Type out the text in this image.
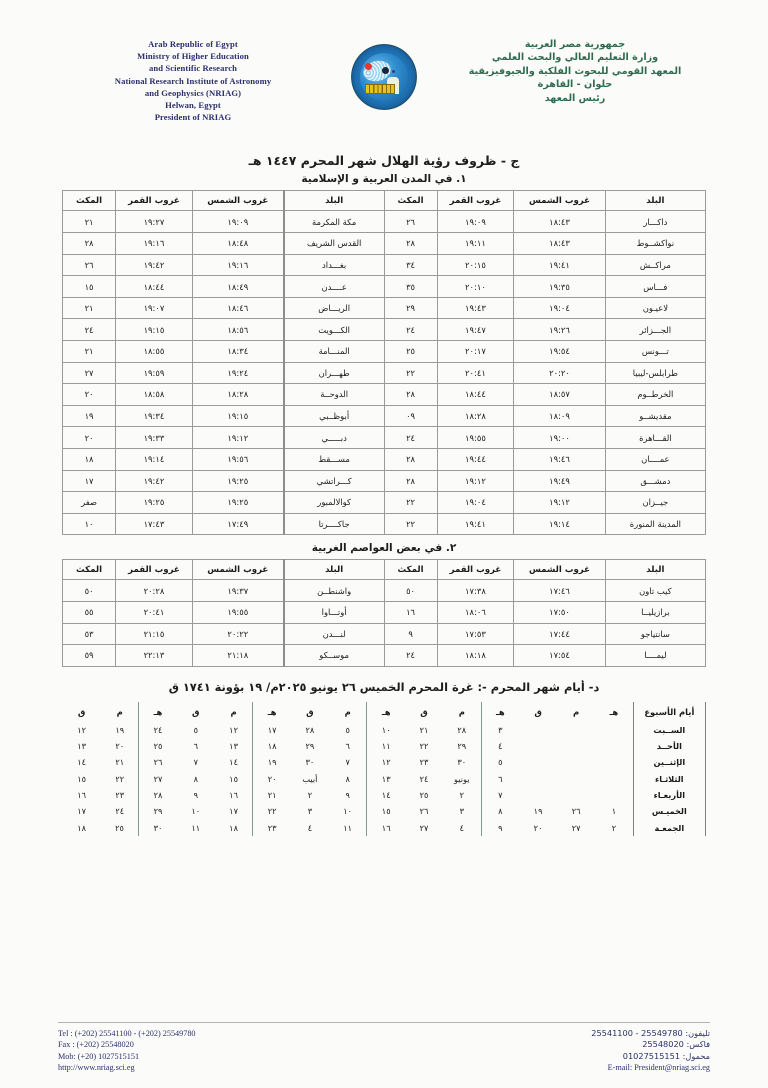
Arab Republic of Egypt
Ministry of Higher Education
and Scientific Research
National Research Institute of Astronomy
and Geophysics (NRIAG)
Helwan, Egypt
President of NRIAG
جمهورية مصر العربية
وزارة التعليم العالي والبحث العلمي
المعهد القومي للبحوث الفلكية والجيوفيزيقية
حلوان - القاهرة
رئيس المعهد
ج - ظروف رؤية الهلال شهر المحرم ١٤٤٧ هـ
١. في المدن العربية و الإسلامية
البلد	غروب الشمس	غروب القمر	المكث	البلد	غروب الشمس	غروب القمر	المكث
داكـــار	١٨:٤٣	١٩:٠٩	٢٦	مكة المكرمة	١٩:٠٩	١٩:٢٧	٢١
نواكشــوط	١٨:٤٣	١٩:١١	٢٨	القدس الشريف	١٨:٤٨	١٩:١٦	٢٨
مراكــش	١٩:٤١	٢٠:١٥	٣٤	بغـــداد	١٩:١٦	١٩:٤٢	٢٦
فـــاس	١٩:٣٥	٢٠:١٠	٣٥	عــــدن	١٨:٤٩	١٨:٤٤	١٥
لاعيـون	١٩:٠٤	١٩:٤٣	٢٩	الريـــاض	١٨:٤٦	١٩:٠٧	٢١
الجـــزائر	١٩:٢٦	١٩:٤٧	٢٤	الكـــويت	١٨:٥٦	١٩:١٥	٢٤
تـــونس	١٩:٥٤	٢٠:١٧	٢٥	المنـــامة	١٨:٣٤	١٨:٥٥	٢١
طرابلس-ليبيا	٢٠:٢٠	٢٠:٤١	٢٢	طهـــران	١٩:٢٤	١٩:٥٩	٢٧
الخرطــوم	١٨:٥٧	١٨:٤٤	٢٨	الدوحــة	١٨:٢٨	١٨:٥٨	٢٠
مقديشــو	١٨:٠٩	١٨:٢٨	٠٩	أبوظــبي	١٩:١٥	١٩:٣٤	١٩
القـــاهرة	١٩:٠٠	١٩:٥٥	٢٤	دبـــــي	١٩:١٢	١٩:٣٣	٢٠
عمــــان	١٩:٤٦	١٩:٤٤	٢٨	مســـقط	١٩:٥٦	١٩:١٤	١٨
دمشـــق	١٩:٤٩	١٩:١٢	٢٨	كـــراتشي	١٩:٢٥	١٩:٤٢	١٧
جيــزان	١٩:١٢	١٩:٠٤	٢٢	كوالالمبور	١٩:٢٥	١٩:٢٥	صفر
المدينة المنورة	١٩:١٤	١٩:٤١	٢٢	جاكــــرتا	١٧:٤٩	١٧:٤٣	١٠
٢. في بعض العواصم الغربية
البلد	غروب الشمس	غروب القمر	المكث	البلد	غروب الشمس	غروب القمر	المكث
كيب تاون	١٧:٤٦	١٧:٣٨	٥٠	واشنطــن	١٩:٣٧	٢٠:٢٨	٥٠
برازيليــا	١٧:٥٠	١٨:٠٦	١٦	أوتـــاوا	١٩:٥٥	٢٠:٤١	٥٥
سانتياجو	١٧:٤٤	١٧:٥٣	٩	لنـــدن	٢٠:٢٢	٢١:١٥	٥٣
ليمــــا	١٧:٥٤	١٨:١٨	٢٤	موســكو	٢١:١٨	٢٢:١٣	٥٩
د- أيام شهر المحرم -: غرة المحرم الخميس ٢٦ يونيو ٢٠٢٥م/ ١٩ بؤونة ١٧٤١ ق
أيام الأسبوع	هـ	م	ق	هـ	م	ق	هـ	م	ق	هـ	م	ق	هـ	م	ق
الســبت				٣	٢٨	٢١	١٠	٥	٢٨	١٧	١٢	٥	٢٤	١٩	١٢
الأحــد				٤	٢٩	٢٢	١١	٦	٢٩	١٨	١٣	٦	٢٥	٢٠	١٣
الإثنــين				٥	٣٠	٢٣	١٢	٧	٣٠	١٩	١٤	٧	٢٦	٢١	١٤
الثلاثـاء				٦	يونيو	٢٤	١٣	٨	أبيب	٢٠	١٥	٨	٢٧	٢٢	١٥
الأربعـاء				٧	٢	٢٥	١٤	٩	٢	٢١	١٦	٩	٢٨	٢٣	١٦
الخميـس	١	٢٦	١٩	٨	٣	٢٦	١٥	١٠	٣	٢٢	١٧	١٠	٢٩	٢٤	١٧
الجمعـة	٢	٢٧	٢٠	٩	٤	٢٧	١٦	١١	٤	٢٣	١٨	١١	٣٠	٢٥	١٨
Tel : (+202) 25541100 - (+202) 25549780
Fax : (+202) 25548020
Mob: (+20) 1027515151
http://www.nriag.sci.eg
تليفون: 25549780 - 25541100
فاكس: 25548020
محمول: 01027515151
E-mail: President@nriag.sci.eg
